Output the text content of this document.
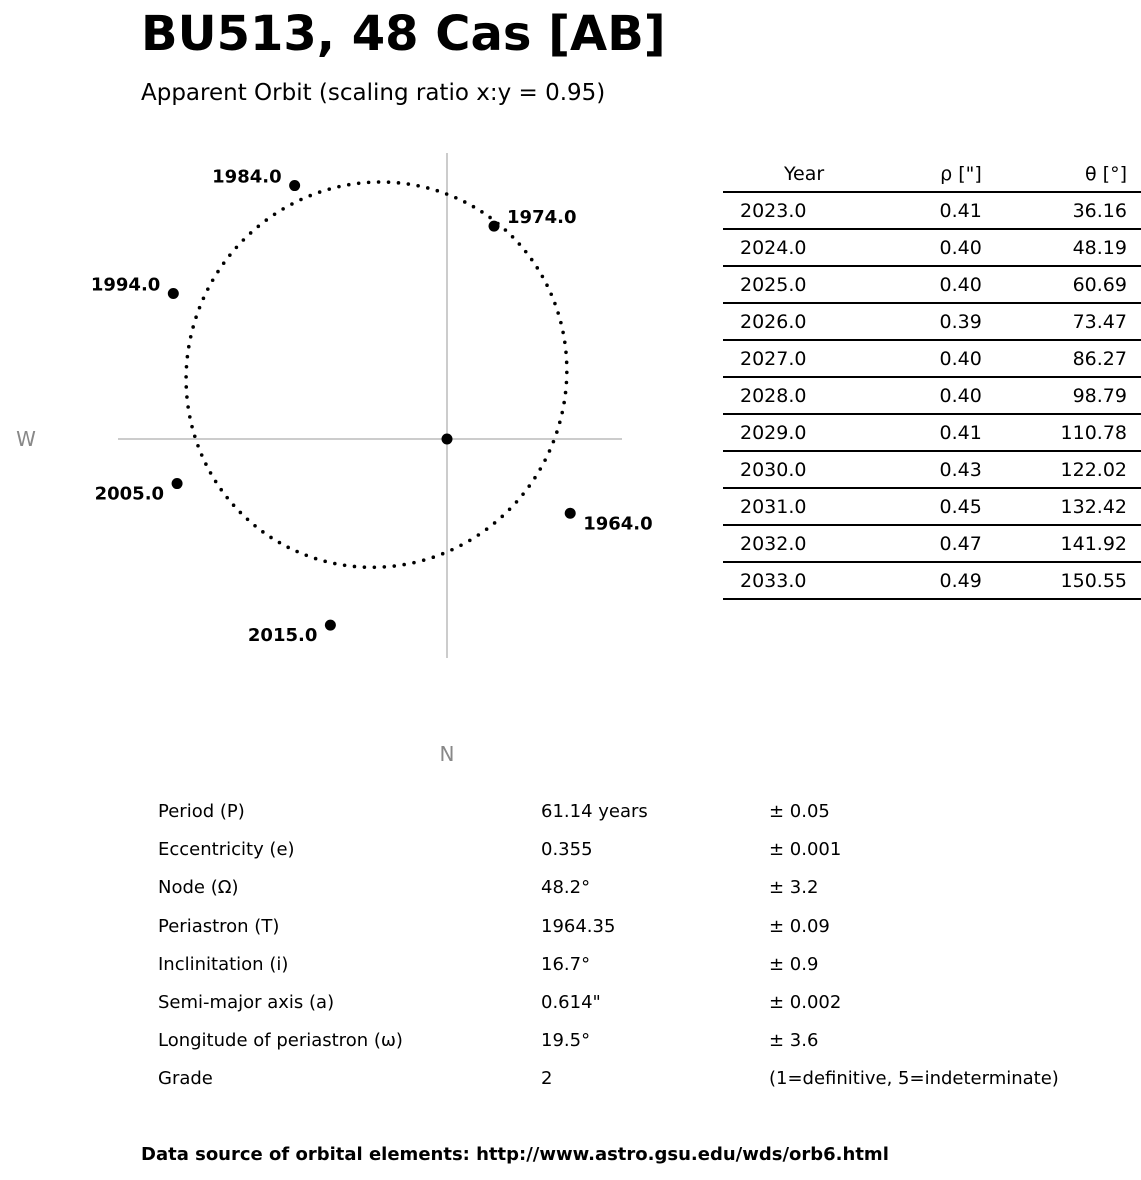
BU513, 48 Cas [AB]
Apparent Orbit (scaling ratio x:y = 0.95)
W
N
1964.0
1974.0
1984.0
1994.0
2005.0
2015.0
Year	ρ ["]	θ [°]
2023.0	0.41	36.16
2024.0	0.40	48.19
2025.0	0.40	60.69
2026.0	0.39	73.47
2027.0	0.40	86.27
2028.0	0.40	98.79
2029.0	0.41	110.78
2030.0	0.43	122.02
2031.0	0.45	132.42
2032.0	0.47	141.92
2033.0	0.49	150.55
Period (P)	61.14 years	± 0.05
Eccentricity (e)	0.355	± 0.001
Node (Ω)	48.2°	± 3.2
Periastron (T)	1964.35	± 0.09
Inclinitation (i)	16.7°	± 0.9
Semi-major axis (a)	0.614"	± 0.002
Longitude of periastron (ω)	19.5°	± 3.6
Grade	2	(1=definitive, 5=indeterminate)
Data source of orbital elements: http://www.astro.gsu.edu/wds/orb6.html
